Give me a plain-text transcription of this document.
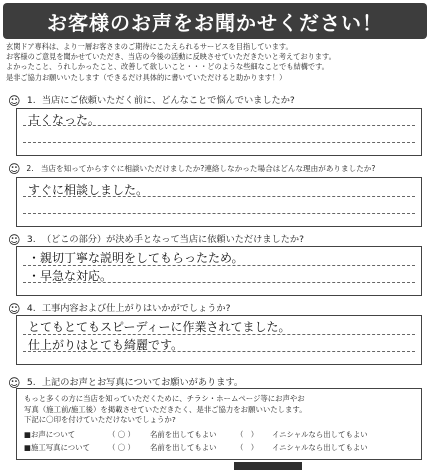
お客様のお声をお聞かせください！
玄関ドア専科は、より一層お客さまのご期待にこたえられるサービスを目指しています。
お客様のご意見を聞かせていただき、当店の今後の活動に反映させていただきたいと考えております。
よかったこと、うれしかったこと、改善して欲しいこと・・・どのような些細なことでも結構です。
是非ご協力お願いいたします（できるだけ具体的に書いていただけると助かります！）
☺ 1. 当店にご依頼いただく前に、どんなことで悩んでいましたか?
古くなった。
☺ 2. 当店を知ってからすぐに相談いただけましたか?連絡しなかった場合はどんな理由がありましたか?
すぐに相談しました。
☺ 3. （どこの部分）が決め手となって当店に依頼いただけましたか?
・親切丁寧な説明をしてもらったため。
・早急な対応。
☺ 4. 工事内容および仕上がりはいかがでしょうか?
とてもとてもスピーディーに作業されてました。
仕上がりはとても綺麗です。
☺ 5. 上記のお声とお写真についてお願いがあります。
もっと多くの方に当店を知っていただくために、チラシ・ホームページ等にお声やお
写真（施工前/施工後）を掲載させていただきたく、是非ご協力をお願いいたします。
下記に〇印を付けていただけないでしょうか?
■お声について	（ 〇 ）	名前を出してもよい	（　）	イニシャルなら出してもよい
■施工写真について	（ 〇 ）	名前を出してもよい	（　）	イニシャルなら出してもよい
